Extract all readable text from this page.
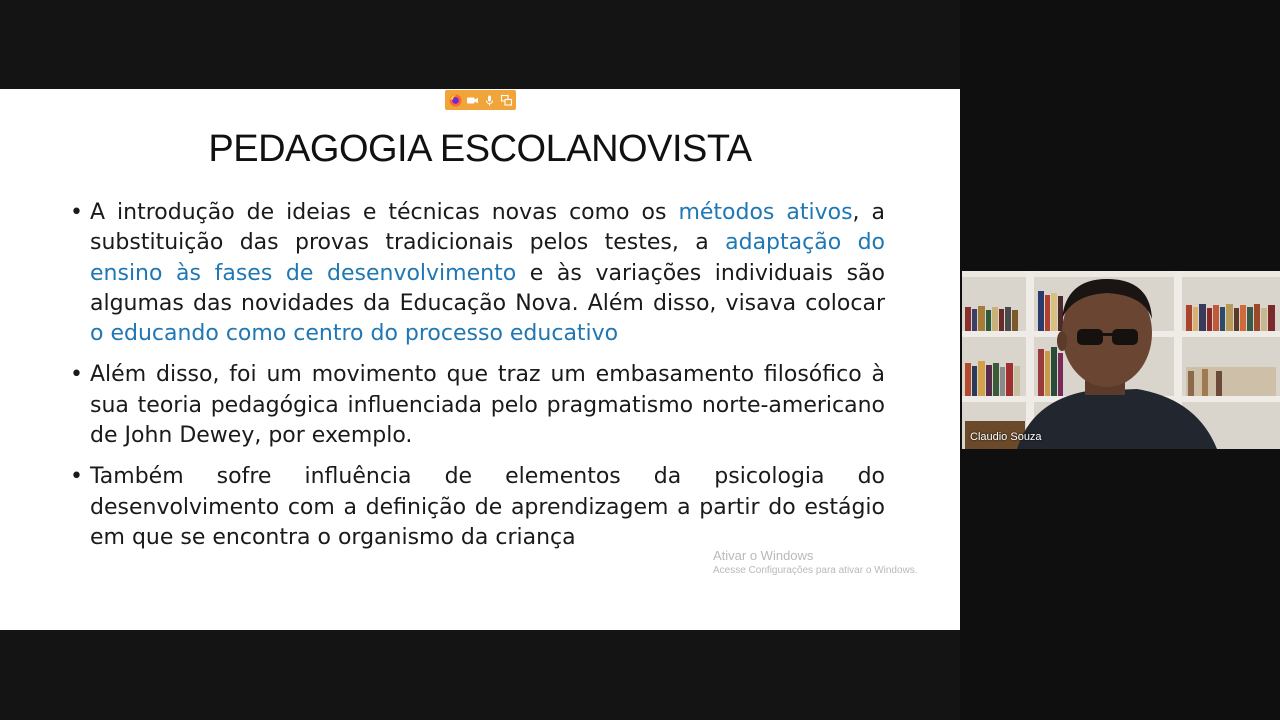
PEDAGOGIA ESCOLANOVISTA
• A introdução de ideias e técnicas novas como os métodos ativos, a substituição das provas tradicionais pelos testes, a adaptação do ensino às fases de desenvolvimento e às variações individuais são algumas das novidades da Educação Nova. Além disso, visava colocar o educando como centro do processo educativo
• Além disso, foi um movimento que traz um embasamento filosófico à sua teoria pedagógica influenciada pelo pragmatismo norte-americano de John Dewey, por exemplo.
• Também sofre influência de elementos da psicologia do desenvolvimento com a definição de aprendizagem a partir do estágio em que se encontra o organismo da criança
Ativar o Windows
Acesse Configurações para ativar o Windows.
Claudio Souza
